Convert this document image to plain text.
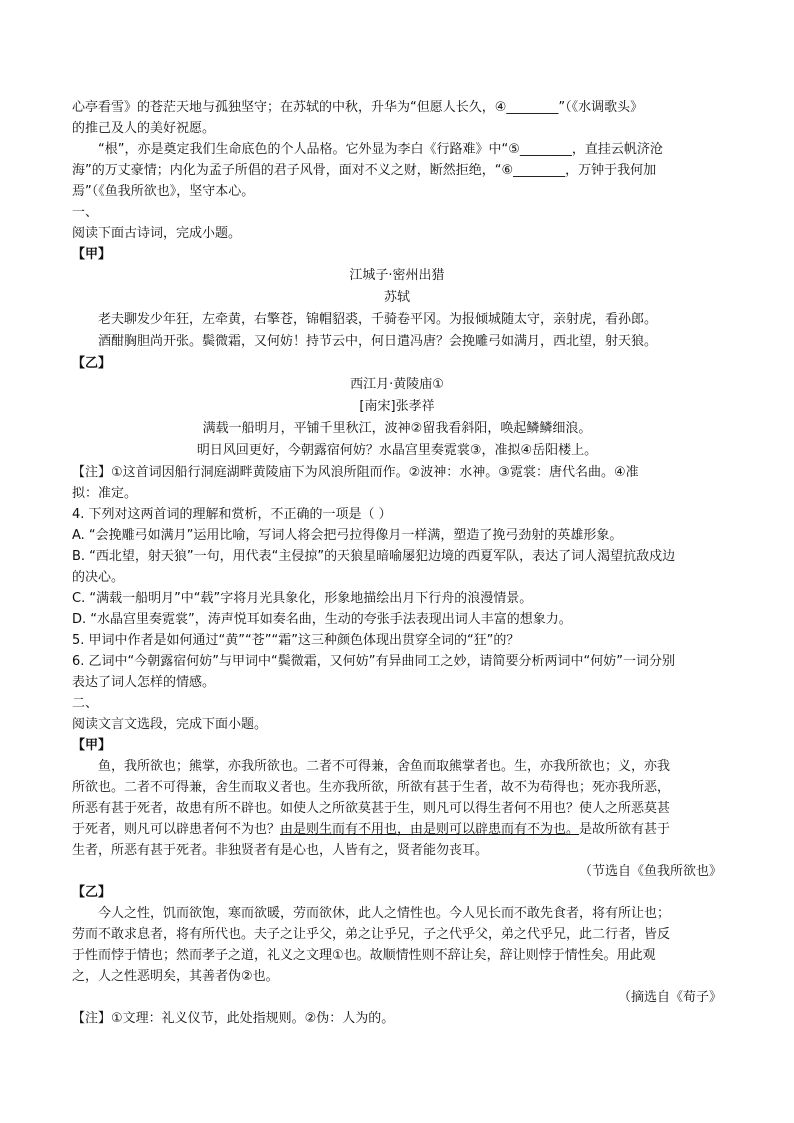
心亭看雪》的苍茫天地与孤独坚守；在苏轼的中秋，升华为“但愿人长久，④________”（《水调歌头》
的推己及人的美好祝愿。
“根”，亦是奠定我们生命底色的个人品格。它外显为李白《行路难》中“⑤________，直挂云帆济沧
海”的万丈豪情；内化为孟子所倡的君子风骨，面对不义之财，断然拒绝，“⑥________，万钟于我何加
焉”（《鱼我所欲也》，坚守本心。
一、
阅读下面古诗词，完成小题。
【甲】
江城子·密州出猎
苏轼
老夫聊发少年狂，左牵黄，右擎苍，锦帽貂裘，千骑卷平冈。为报倾城随太守，亲射虎，看孙郎。
酒酣胸胆尚开张。鬓微霜，又何妨！持节云中，何日遣冯唐？会挽雕弓如满月，西北望，射天狼。
【乙】
西江月·黄陵庙①
[南宋]张孝祥
满载一船明月，平铺千里秋江，波神②留我看斜阳，唤起鳞鳞细浪。
明日风回更好，今朝露宿何妨？水晶宫里奏霓裳③，准拟④岳阳楼上。
【注】①这首词因船行洞庭湖畔黄陵庙下为风浪所阻而作。②波神：水神。③霓裳：唐代名曲。④准
拟：准定。
4. 下列对这两首词的理解和赏析，不正确的一项是（ ）
A. “会挽雕弓如满月”运用比喻，写词人将会把弓拉得像月一样满，塑造了挽弓劲射的英雄形象。
B. “西北望，射天狼”一句，用代表“主侵掠”的天狼星暗喻屡犯边境的西夏军队，表达了词人渴望抗敌戍边
的决心。
C. “满载一船明月”中“载”字将月光具象化，形象地描绘出月下行舟的浪漫情景。
D. “水晶宫里奏霓裳”，涛声悦耳如奏名曲，生动的夸张手法表现出词人丰富的想象力。
5. 甲词中作者是如何通过“黄”“苍”“霜”这三种颜色体现出贯穿全词的“狂”的？
6. 乙词中“今朝露宿何妨”与甲词中“鬓微霜，又何妨”有异曲同工之妙，请简要分析两词中“何妨”一词分别
表达了词人怎样的情感。
二、
阅读文言文选段，完成下面小题。
【甲】
鱼，我所欲也；熊掌，亦我所欲也。二者不可得兼，舍鱼而取熊掌者也。生，亦我所欲也；义，亦我
所欲也。二者不可得兼，舍生而取义者也。生亦我所欲，所欲有甚于生者，故不为苟得也；死亦我所恶，
所恶有甚于死者，故患有所不辟也。如使人之所欲莫甚于生，则凡可以得生者何不用也？使人之所恶莫甚
于死者，则凡可以辟患者何不为也？由是则生而有不用也，由是则可以辟患而有不为也。是故所欲有甚于
生者，所恶有甚于死者。非独贤者有是心也，人皆有之，贤者能勿丧耳。
（节选自《鱼我所欲也》
【乙】
今人之性，饥而欲饱，寒而欲暖，劳而欲休，此人之情性也。今人见长而不敢先食者，将有所让也；
劳而不敢求息者，将有所代也。夫子之让乎父，弟之让乎兄，子之代乎父，弟之代乎兄，此二行者，皆反
于性而悖于情也；然而孝子之道，礼义之文理①也。故顺情性则不辞让矣，辞让则悖于情性矣。用此观
之，人之性恶明矣，其善者伪②也。
（摘选自《荀子》
【注】①文理：礼义仪节，此处指规则。②伪：人为的。
